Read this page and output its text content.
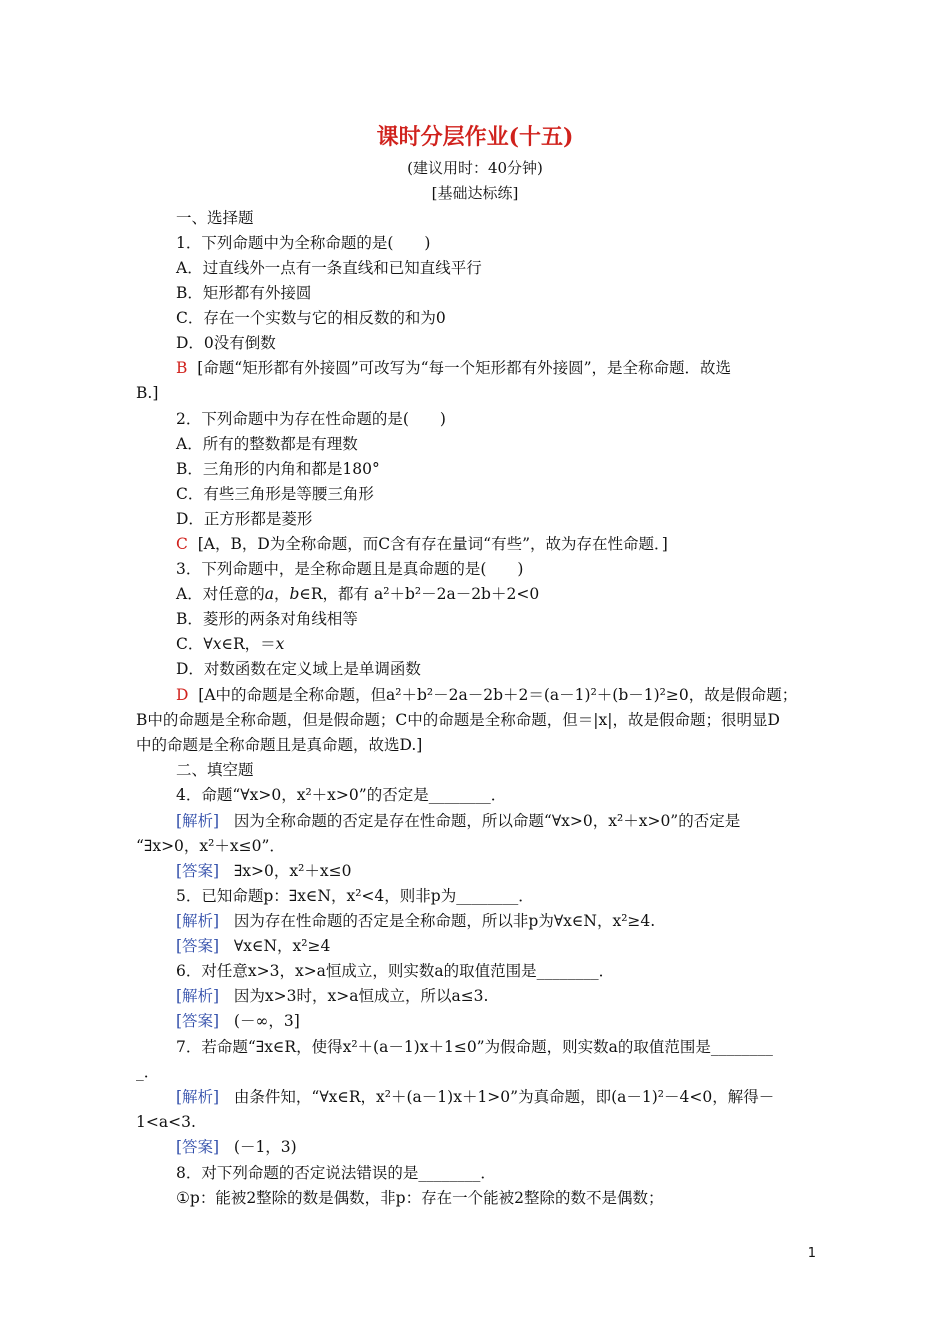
课时分层作业(十五)
(建议用时：40分钟)
[基础达标练]
一、选择题
1．下列命题中为全称命题的是(　　)
A．过直线外一点有一条直线和已知直线平行
B．矩形都有外接圆
C．存在一个实数与它的相反数的和为0
D．0没有倒数
B [命题“矩形都有外接圆”可改写为“每一个矩形都有外接圆”，是全称命题．故选
B.]
2．下列命题中为存在性命题的是(　　)
A．所有的整数都是有理数
B．三角形的内角和都是180°
C．有些三角形是等腰三角形
D．正方形都是菱形
C [A，B，D为全称命题，而C含有存在量词“有些”，故为存在性命题．]
3．下列命题中，是全称命题且是真命题的是(　　)
A．对任意的a，b∈R，都有 a²＋b²－2a－2b＋2<0
B．菱形的两条对角线相等
C．∀x∈R，＝x
D．对数函数在定义域上是单调函数
D [A中的命题是全称命题，但a²＋b²－2a－2b＋2＝(a－1)²＋(b－1)²≥0，故是假命题；
B中的命题是全称命题，但是假命题；C中的命题是全称命题，但＝|x|，故是假命题；很明显D
中的命题是全称命题且是真命题，故选D.]
二、填空题
4．命题“∀x>0，x²＋x>0”的否定是________．
[解析] 因为全称命题的否定是存在性命题，所以命题“∀x>0，x²＋x>0”的否定是
“∃x>0，x²＋x≤0”．
[答案] ∃x>0，x²＋x≤0
5．已知命题p：∃x∈N，x²<4，则非p为________．
[解析] 因为存在性命题的否定是全称命题，所以非p为∀x∈N，x²≥4.
[答案] ∀x∈N，x²≥4
6．对任意x>3，x>a恒成立，则实数a的取值范围是________．
[解析] 因为x>3时，x>a恒成立，所以a≤3.
[答案] (－∞，3]
7．若命题“∃x∈R，使得x²＋(a－1)x＋1≤0”为假命题，则实数a的取值范围是________
_．
[解析] 由条件知，“∀x∈R，x²＋(a－1)x＋1>0”为真命题，即(a－1)²－4<0，解得－
1<a<3.
[答案] (－1，3)
8．对下列命题的否定说法错误的是________．
①p：能被2整除的数是偶数，非p：存在一个能被2整除的数不是偶数；
1
